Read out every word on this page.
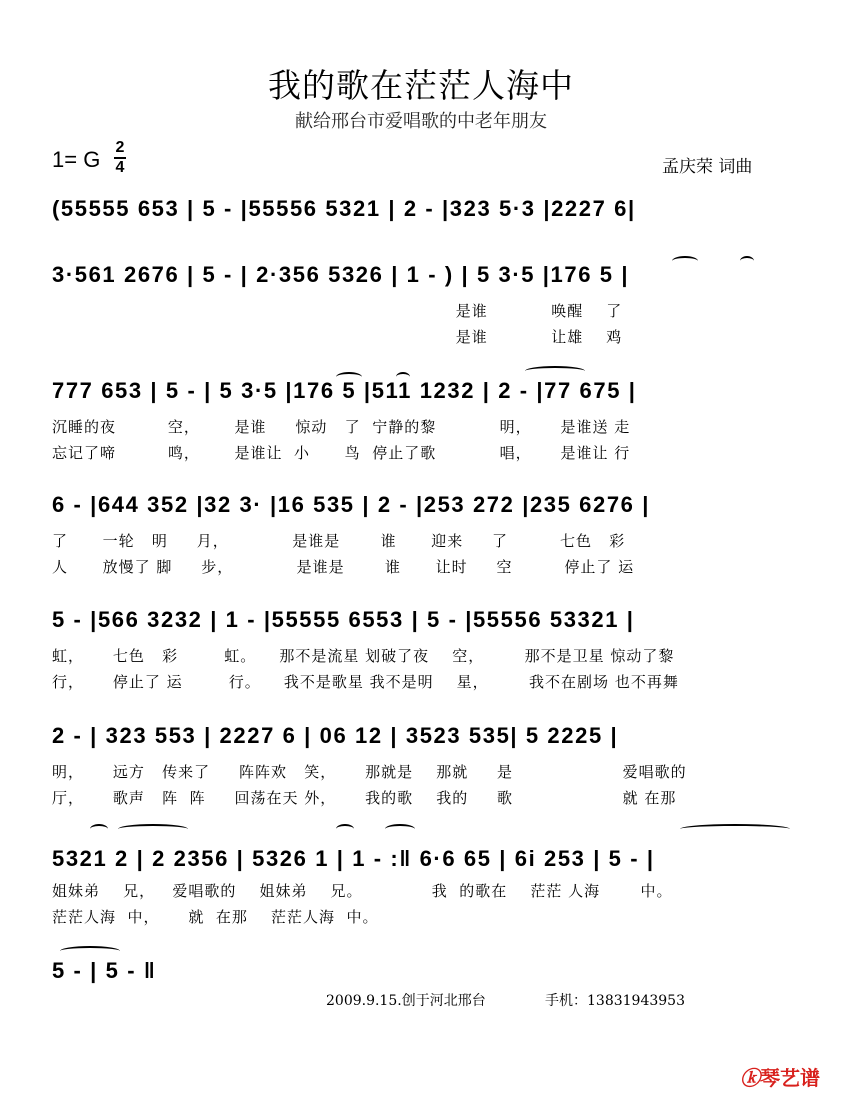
我的歌在茫茫人海中
献给邢台市爱唱歌的中老年朋友
1= G 2
4	孟庆荣 词曲
(55555 653 | 5 - |55556 5321 | 2 - |323 5·3 |2227 6|
3·561 2676 | 5 - | 2·356 5326 | 1 - ) | 5 3·5 |176 5 |
是谁           唤醒    了
是谁           让雄    鸡
777 653 | 5 - | 5 3·5 |176 5 |511 1232 | 2 - |77 675 |
沉睡的夜         空，      是谁     惊动   了  宁静的黎           明，     是谁送 走
忘记了啼         鸣，      是谁让  小      鸟  停止了歌           唱，     是谁让 行
6 - |644 352 |32 3· |16 535 | 2 - |253 272 |235 6276 |
了      一轮   明     月，           是谁是       谁      迎来     了         七色   彩
人      放慢了 脚     步，           是谁是       谁      让时     空         停止了 运
5 - |566 3232 | 1 - |55555 6553 | 5 - |55556 53321 |
虹，     七色   彩        虹。    那不是流星 划破了夜    空，       那不是卫星 惊动了黎
行，     停止了 运        行。    我不是歌星 我不是明    星，       我不在剧场 也不再舞
2 - | 323 553 | 2227 6 | 06 12 | 3523 535| 5 2225 |
明，     远方   传来了     阵阵欢   笑，     那就是    那就     是                   爱唱歌的
厅，     歌声   阵  阵     回荡在天 外，     我的歌    我的     歌                   就 在那
5321 2 | 2 2356 | 5326 1 | 1 - :‖ 6·6 65 | 6i 253 | 5 - |
姐妹弟    兄，   爱唱歌的    姐妹弟    兄。            我  的歌在    茫茫 人海       中。
茫茫人海  中，     就  在那    茫茫人海  中。
5 - | 5 - ‖
2009.9.15.创于河北邢台	手机：13831943953
ⓚ琴艺谱
